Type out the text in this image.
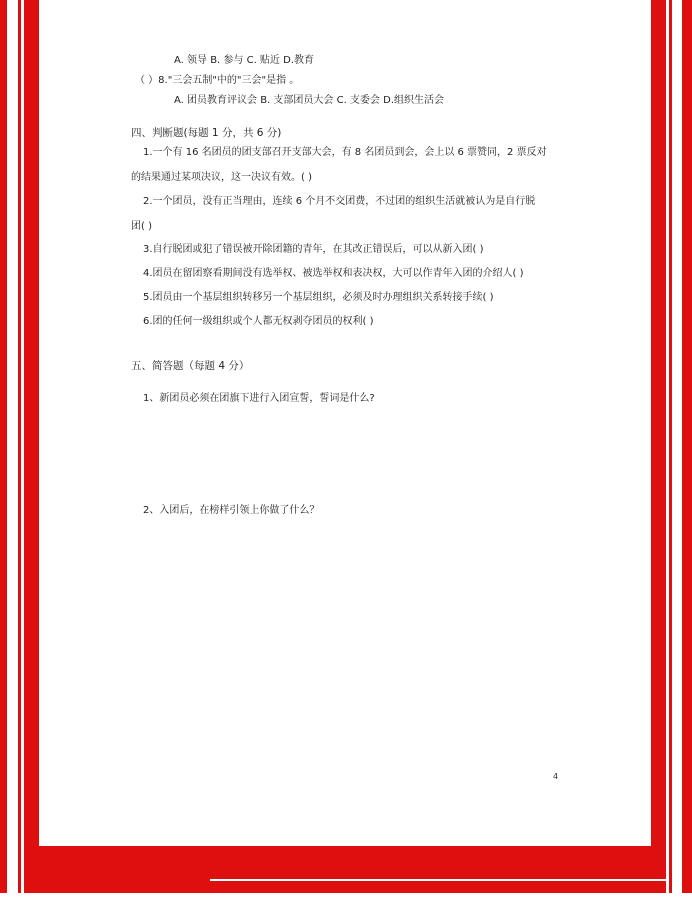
A. 领导 B. 参与 C. 贴近 D.教育
（ ）8."三会五制"中的"三会"是指 。
A. 团员教育评议会 B. 支部团员大会 C. 支委会 D.组织生活会
四、判断题(每题 1 分，共 6 分)
1.一个有 16 名团员的团支部召开支部大会，有 8 名团员到会，会上以 6 票赞同，2 票反对
的结果通过某项决议，这一决议有效。( )
2.一个团员，没有正当理由，连续 6 个月不交团费，不过团的组织生活就被认为是自行脱
团( )
3.自行脱团或犯了错误被开除团籍的青年，在其改正错误后，可以从新入团( )
4.团员在留团察看期间没有选举权、被选举权和表决权，大可以作青年入团的介绍人( )
5.团员由一个基层组织转移另一个基层组织，必须及时办理组织关系转接手续( )
6.团的任何一级组织或个人都无权剥夺团员的权利( )
五、简答题（每题 4 分）
1、新团员必须在团旗下进行入团宣誓，誓词是什么?
2、入团后，在榜样引领上你做了什么？
4
